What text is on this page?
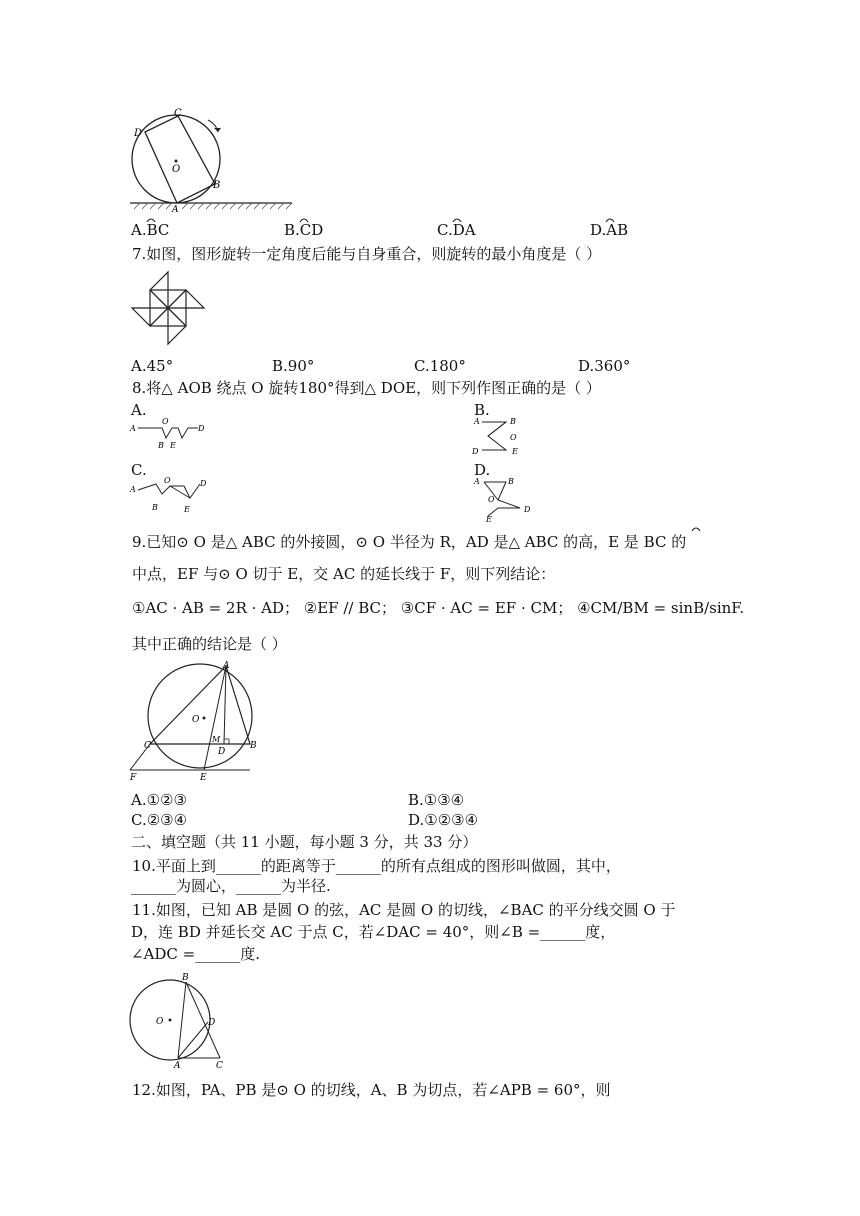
C
D
O
B
A
A.BC	B.CD	C.DA	D.AB
7.如图，图形旋转一定角度后能与自身重合，则旋转的最小角度是（ ）
A.45°	B.90°	C.180°	D.360°
8.将△ AOB 绕点 O 旋转180°得到△ DOE，则下列作图正确的是（ ）
A.	B.
C.	D.
A
O
B E
D
A	B
O
D	E
A
O
B	E
D	A	B
O
D
E
9.已知⊙ O 是△ ABC 的外接圆，⊙ O 半径为 R，AD 是△ ABC 的高，E 是 BC 的
中点，EF 与⊙ O 切于 E，交 AC 的延长线于 F，则下列结论：
①AC · AB = 2R · AD； ②EF // BC； ③CF · AC = EF · CM； ④CM/BM = sinB/sinF.
其中正确的结论是（ ）
A
O
C
M
D
B
F	E
A.①②③	B.①③④
C.②③④	D.①②③④
二、填空题（共 11 小题，每小题 3 分，共 33 分）
10.平面上到______的距离等于______的所有点组成的图形叫做圆，其中，
______为圆心，______为半径.
11.如图，已知 AB 是圆 O 的弦，AC 是圆 O 的切线，∠BAC 的平分线交圆 O 于
D，连 BD 并延长交 AC 于点 C，若∠DAC = 40°，则∠B =______度，
∠ADC =______度.
B
O	D
A	C
12.如图，PA、PB 是⊙ O 的切线，A、B 为切点，若∠APB = 60°，则
